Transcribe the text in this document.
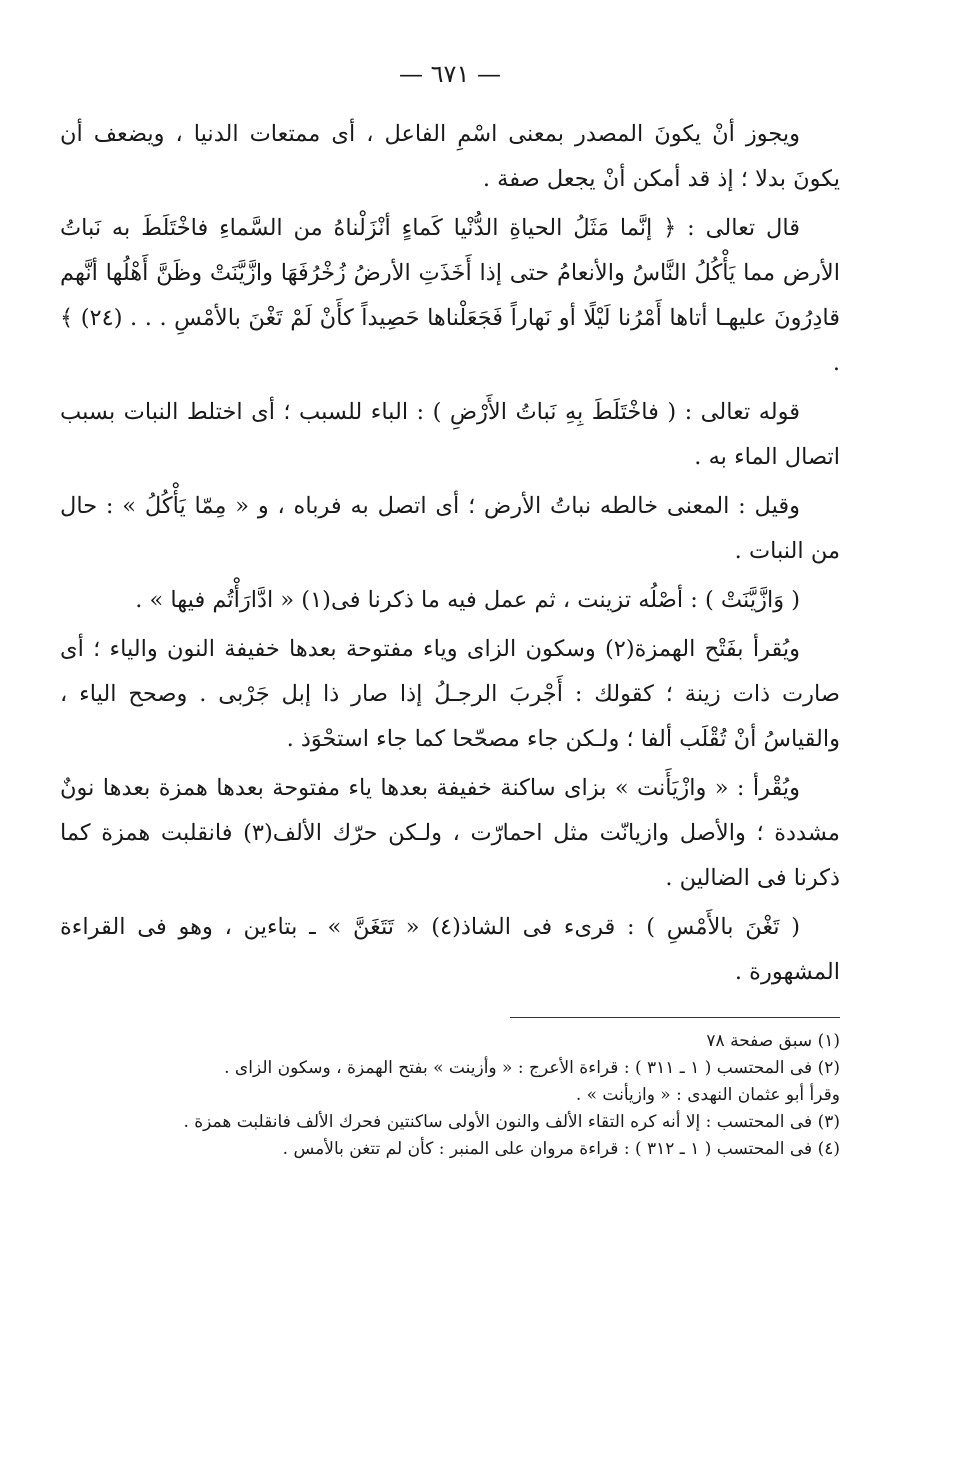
— ٦٧١ —

ويجوز أنْ يكونَ المصدر بمعنى اسْمِ الفاعل ، أى ممتعات الدنيا ، ويضعف أن يكونَ بدلا ؛ إذ قد أمكن أنْ يجعل صفة .

قال تعالى : ﴿ إنَّما مَثَلُ الحياةِ الدُّنْيا كَماءٍ أنْزَلْناهُ من السَّماءِ فاخْتَلَطَ به نَباتُ الأرض مما يَأْكُلُ النَّاسُ والأنعامُ حتى إذا أَخَذَتِ الأرضُ زُخْرُفَهَا وازَّيَّنَتْ وظَنَّ أَهْلُها أنَّهم قادِرُونَ عليهـا أتاها أَمْرُنا لَيْلًا أو نَهاراً فَجَعَلْناها حَصِيداً كأَنْ لَمْ تَغْنَ بالأمْسِ . . . (٢٤) ﴾ .

قوله تعالى : ( فاخْتَلَطَ بِهِ نَباتُ الأَرْضِ ) : الباء للسبب ؛ أى اختلط النبات بسبب اتصال الماء به .

وقيل : المعنى خالطه نباتُ الأرض ؛ أى اتصل به فرباه ، و « مِمّا يَأْكُلُ » : حال من النبات .

( وَازَّيَّنَتْ ) : أصْلُه تزينت ، ثم عمل فيه ما ذكرنا فى(١) « ادَّارَأْتُم فيها » .

ويُقرأ بفَتْح الهمزة(٢) وسكون الزاى وياء مفتوحة بعدها خفيفة النون والياء ؛ أى صارت ذات زينة ؛ كقولك : أَجْربَ الرجـلُ إذا صار ذا إبل جَرْبى . وصحح الياء ، والقياسُ أنْ تُقْلَب ألفا ؛ ولـكن جاء مصحّحا كما جاء استحْوَذ .

ويُقْرأ : « وازْيَأَنت » بزاى ساكنة خفيفة بعدها ياء مفتوحة بعدها همزة بعدها نونٌ مشددة ؛ والأصل وازيانّت مثل احمارّت ، ولـكن حرّك الألف(٣) فانقلبت همزة كما ذكرنا فى الضالين .

( تَغْنَ بالأَمْسِ ) : قرىء فى الشاذ(٤) « تَتَغَنَّ » ـ بتاءين ، وهو فى القراءة المشهورة .

(١) سبق صفحة ٧٨
(٢) فى المحتسب ( ١ ـ ٣١١ ) : قراءة الأعرج : « وأزينت » بفتح الهمزة ، وسكون الزاى .
وقرأ أبو عثمان النهدى : « وازيأنت » .
(٣) فى المحتسب : إلا أنه كره التقاء الألف والنون الأولى ساكنتين فحرك الألف فانقلبت همزة .
(٤) فى المحتسب ( ١ ـ ٣١٢ ) : قراءة مروان على المنبر : كأن لم تتغن بالأمس .
